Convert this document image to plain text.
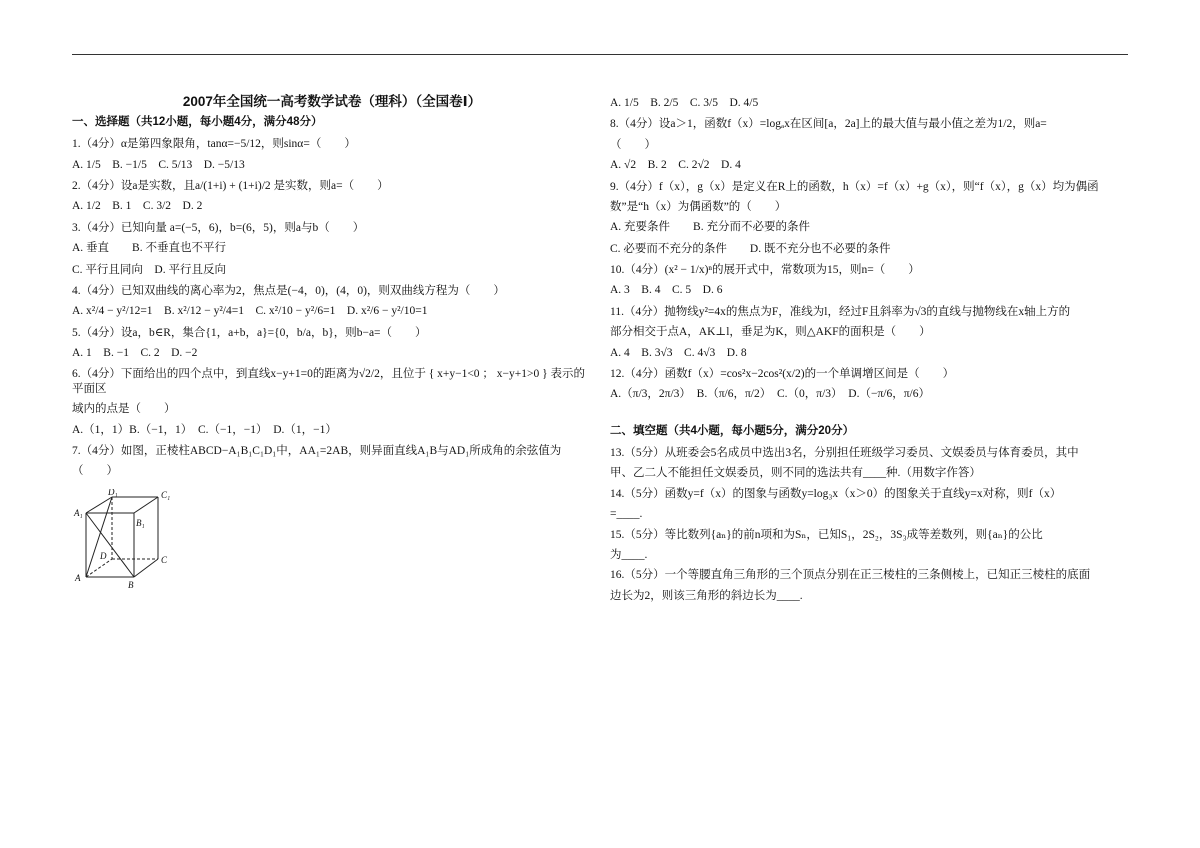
2007年全国统一高考数学试卷（理科）（全国卷Ⅰ）
一、选择题（共12小题，每小题4分，满分48分）
1.（4分）α是第四象限角，tanα=−5/12，则sinα=（　　）
A. 1/5　B. −1/5　C. 5/13　D. −5/13
2.（4分）设a是实数，且a/(1+i) + (1+i)/2 是实数，则a=（　　）
A. 1/2　B. 1　C. 3/2　D. 2
3.（4分）已知向量 a=(−5，6)，b=(6，5)，则a与b（　　）
A. 垂直　　B. 不垂直也不平行
C. 平行且同向　D. 平行且反向
4.（4分）已知双曲线的离心率为2，焦点是(−4，0)，(4，0)，则双曲线方程为（　　）
A. x²/4 − y²/12=1　B. x²/12 − y²/4=1　C. x²/10 − y²/6=1　D. x²/6 − y²/10=1
5.（4分）设a，b∈R，集合{1，a+b，a}={0，b/a，b}，则b−a=（　　）
A. 1　B. −1　C. 2　D. −2
6.（4分）下面给出的四个点中，到直线x−y+1=0的距离为√2/2，且位于 { x+y−1<0 ； x−y+1>0 } 表示的平面区
域内的点是（　　）
A.（1，1）B.（−1，1）　C.（−1，−1）　D.（1，−1）
7.（4分）如图，正棱柱ABCD−A₁B₁C₁D₁中，AA₁=2AB，则异面直线A₁B与AD₁所成角的余弦值为
（　　）
D₁	C₁
A₁
B₁
D	C
A
B
A. 1/5　B. 2/5　C. 3/5　D. 4/5
8.（4分）设a＞1，函数f（x）=logₐx在区间[a，2a]上的最大值与最小值之差为1/2，则a=
（　　）
A. √2　B. 2　C. 2√2　D. 4
9.（4分）f（x），g（x）是定义在R上的函数，h（x）=f（x）+g（x），则“f（x），g（x）均为偶函
数”是“h（x）为偶函数”的（　　）
A. 充要条件　　B. 充分而不必要的条件
C. 必要而不充分的条件　　D. 既不充分也不必要的条件
10.（4分）(x² − 1/x)ⁿ的展开式中，常数项为15，则n=（　　）
A. 3　B. 4　C. 5　D. 6
11.（4分）抛物线y²=4x的焦点为F，准线为l，经过F且斜率为√3的直线与抛物线在x轴上方的
部分相交于点A，AK⊥l，垂足为K，则△AKF的面积是（　　）
A. 4　B. 3√3　C. 4√3　D. 8
12.（4分）函数f（x）=cos²x−2cos²(x/2)的一个单调增区间是（　　）
A.（π/3，2π/3）　B.（π/6，π/2）　C.（0，π/3）　D.（−π/6，π/6）
二、填空题（共4小题，每小题5分，满分20分）
13.（5分）从班委会5名成员中选出3名，分别担任班级学习委员、文娱委员与体育委员，其中
甲、乙二人不能担任文娱委员，则不同的选法共有____种.（用数字作答）
14.（5分）函数y=f（x）的图象与函数y=log₃x（x＞0）的图象关于直线y=x对称，则f（x）
=____.
15.（5分）等比数列{aₙ}的前n项和为Sₙ，已知S₁，2S₂，3S₃成等差数列，则{aₙ}的公比
为____.
16.（5分）一个等腰直角三角形的三个顶点分别在正三棱柱的三条侧棱上，已知正三棱柱的底面
边长为2，则该三角形的斜边长为____.
